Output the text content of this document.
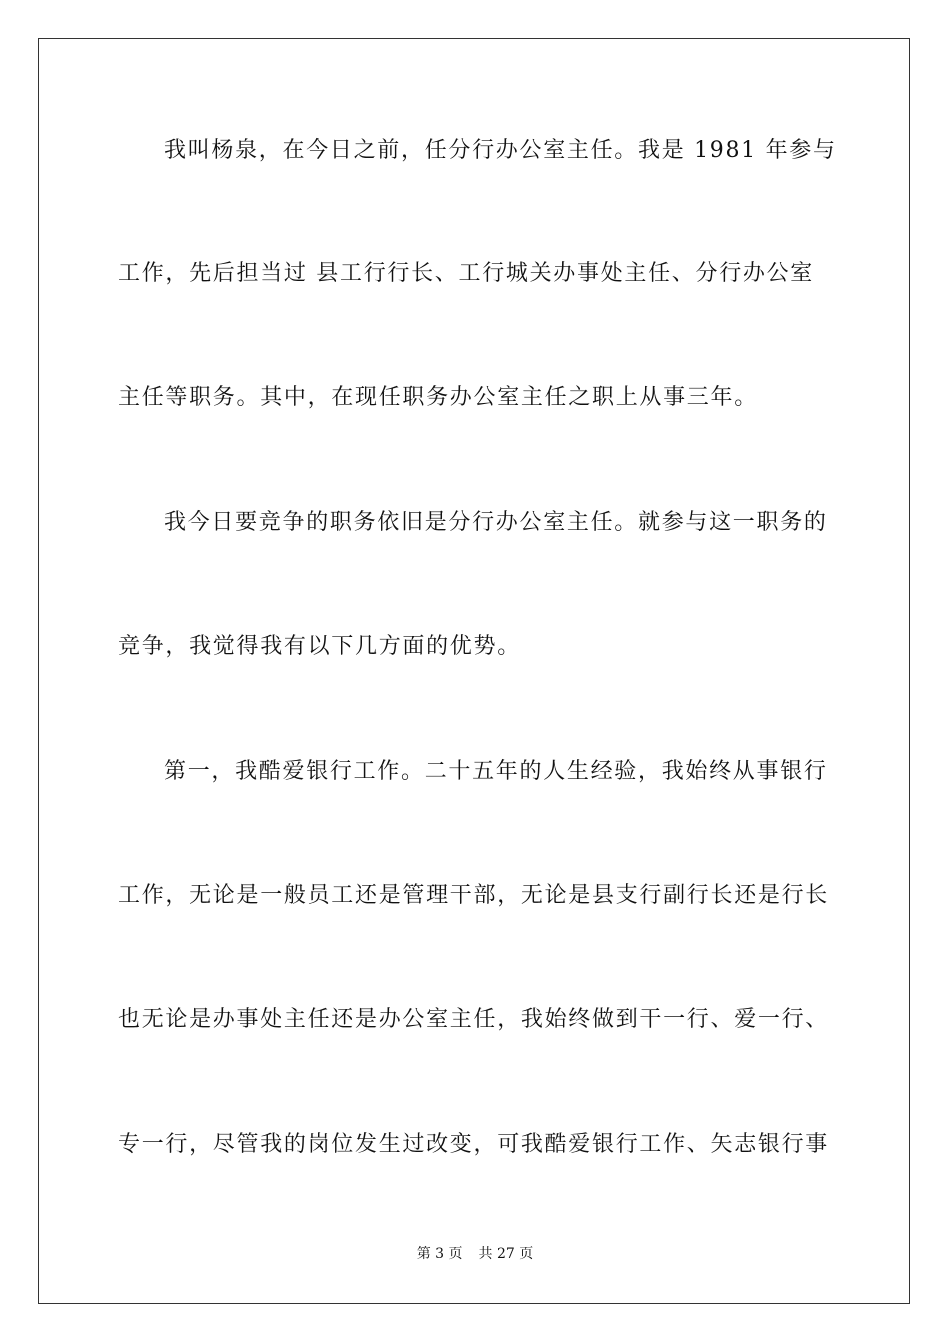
我叫杨泉，在今日之前，任分行办公室主任。我是 1981 年参与
工作，先后担当过 县工行行长、工行城关办事处主任、分行办公室
主任等职务。其中，在现任职务办公室主任之职上从事三年。
我今日要竞争的职务依旧是分行办公室主任。就参与这一职务的
竞争，我觉得我有以下几方面的优势。
第一，我酷爱银行工作。二十五年的人生经验，我始终从事银行
工作，无论是一般员工还是管理干部，无论是县支行副行长还是行长
也无论是办事处主任还是办公室主任，我始终做到干一行、爱一行、
专一行，尽管我的岗位发生过改变，可我酷爱银行工作、矢志银行事
第 3 页 共 27 页
